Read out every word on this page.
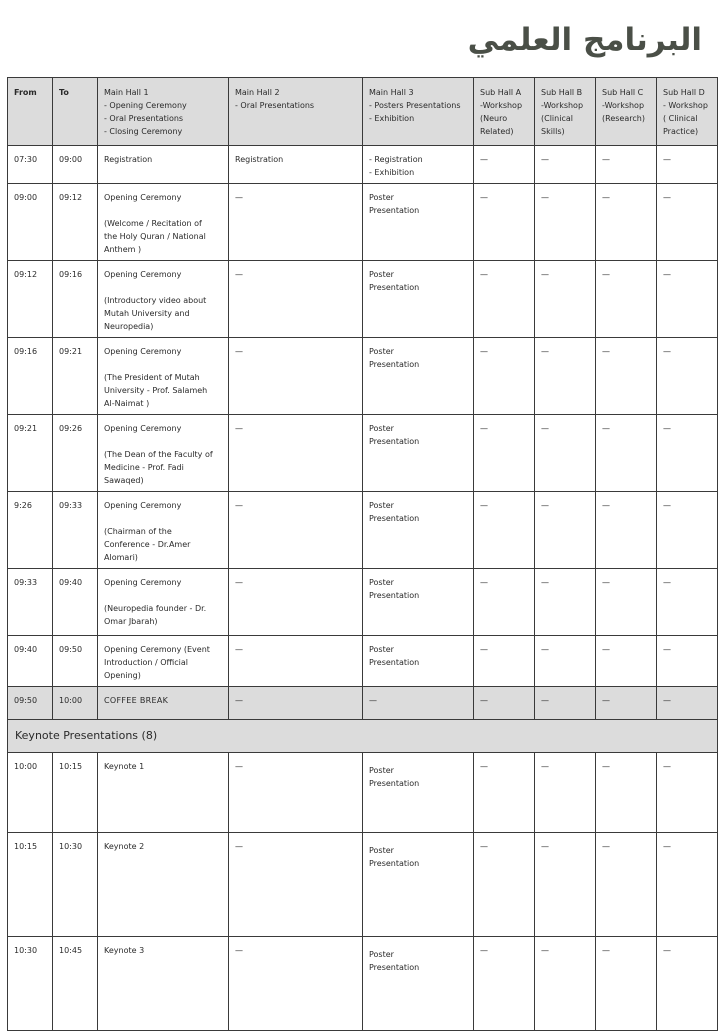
البرنامج العلمي
From	To	Main Hall 1
- Opening Ceremony
- Oral Presentations
- Closing Ceremony	Main Hall 2
- Oral Presentations	Main Hall 3
- Posters Presentations
- Exhibition	Sub Hall A
-Workshop
(Neuro
Related)	Sub Hall B
-Workshop
(Clinical
Skills)	Sub Hall C
-Workshop
(Research)	Sub Hall D
- Workshop
( Clinical
Practice)

07:30	09:00	Registration	Registration	- Registration
- Exhibition	—	—	—	—

09:00	09:12	Opening Ceremony

(Welcome / Recitation of
the Holy Quran / National
Anthem )	—	Poster
Presentation	—	—	—	—

09:12	09:16	Opening Ceremony

(Introductory video about
Mutah University and
Neuropedia)	—	Poster
Presentation	—	—	—	—

09:16	09:21	Opening Ceremony

(The President of Mutah
University - Prof. Salameh
Al-Naimat )	—	Poster
Presentation	—	—	—	—

09:21	09:26	Opening Ceremony

(The Dean of the Faculty of
Medicine - Prof. Fadi
Sawaqed)	—	Poster
Presentation	—	—	—	—

9:26	09:33	Opening Ceremony

(Chairman of the
Conference - Dr.Amer
Alomari)	—	Poster
Presentation	—	—	—	—

09:33	09:40	Opening Ceremony

(Neuropedia founder - Dr.
Omar Jbarah)	—	Poster
Presentation	—	—	—	—

09:40	09:50	Opening Ceremony (Event
Introduction / Official
Opening)	—	Poster
Presentation	—	—	—	—

09:50	10:00	COFFEE BREAK	—	—	—	—	—	—

Keynote Presentations (8)								

10:00	10:15	Keynote 1	—	Poster
Presentation	—	—	—	—

10:15	10:30	Keynote 2	—	Poster
Presentation	—	—	—	—

10:30	10:45	Keynote 3	—	Poster
Presentation	—	—	—	—
